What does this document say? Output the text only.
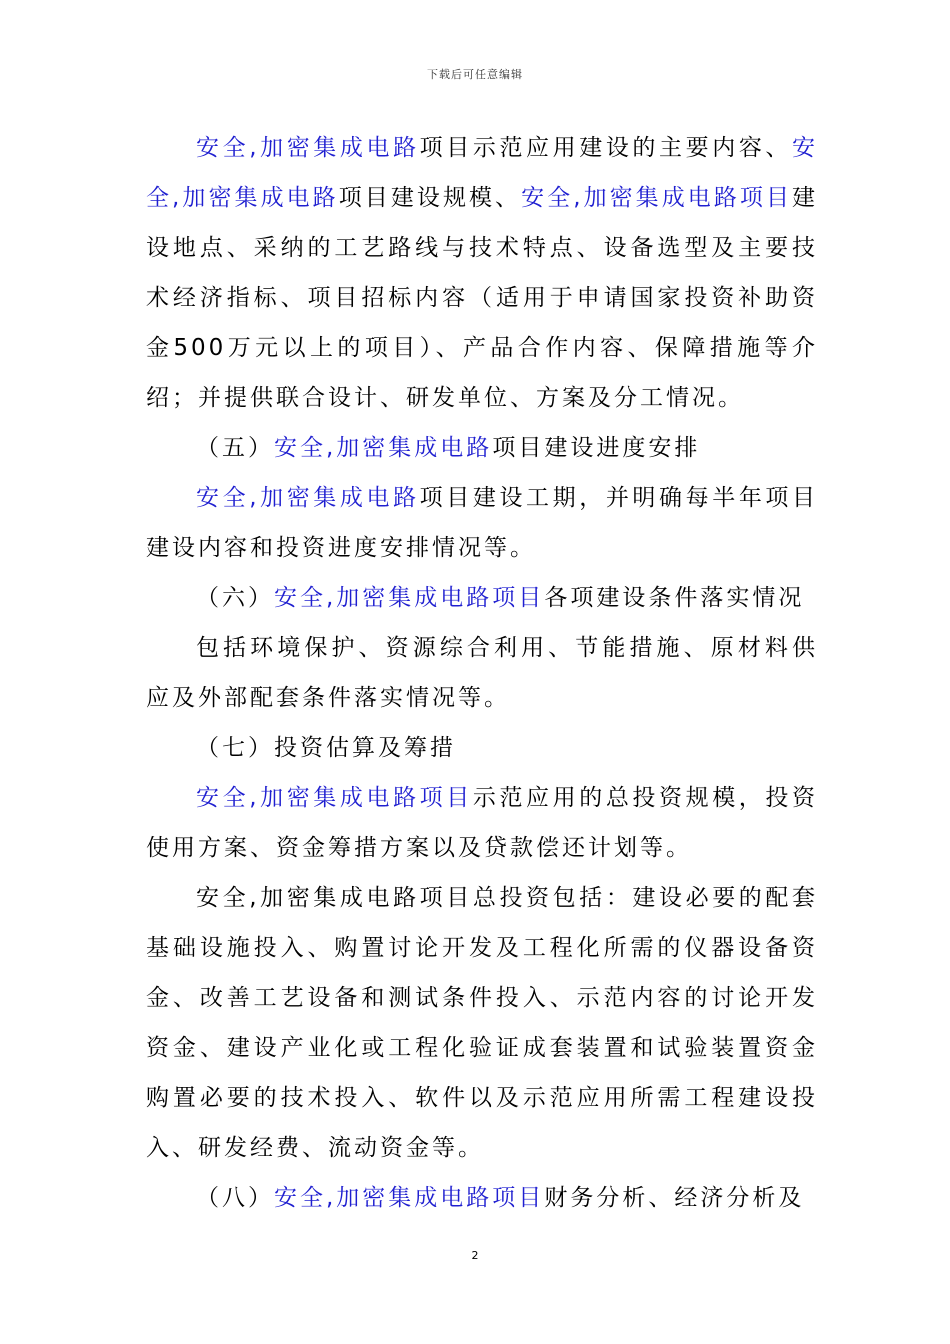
下载后可任意编辑

安全,加密集成电路项目示范应用建设的主要内容、安全,加密集成电路项目建设规模、安全,加密集成电路项目建设地点、采纳的工艺路线与技术特点、设备选型及主要技术经济指标、项目招标内容（适用于申请国家投资补助资金500万元以上的项目）、产品合作内容、保障措施等介绍；并提供联合设计、研发单位、方案及分工情况。

（五）安全,加密集成电路项目建设进度安排

安全,加密集成电路项目建设工期，并明确每半年项目建设内容和投资进度安排情况等。

（六）安全,加密集成电路项目各项建设条件落实情况

包括环境保护、资源综合利用、节能措施、原材料供应及外部配套条件落实情况等。

（七）投资估算及筹措

安全,加密集成电路项目示范应用的总投资规模，投资使用方案、资金筹措方案以及贷款偿还计划等。

安全,加密集成电路项目总投资包括：建设必要的配套基础设施投入、购置讨论开发及工程化所需的仪器设备资金、改善工艺设备和测试条件投入、示范内容的讨论开发资金、建设产业化或工程化验证成套装置和试验装置资金购置必要的技术投入、软件以及示范应用所需工程建设投入、研发经费、流动资金等。

（八）安全,加密集成电路项目财务分析、经济分析及

2
